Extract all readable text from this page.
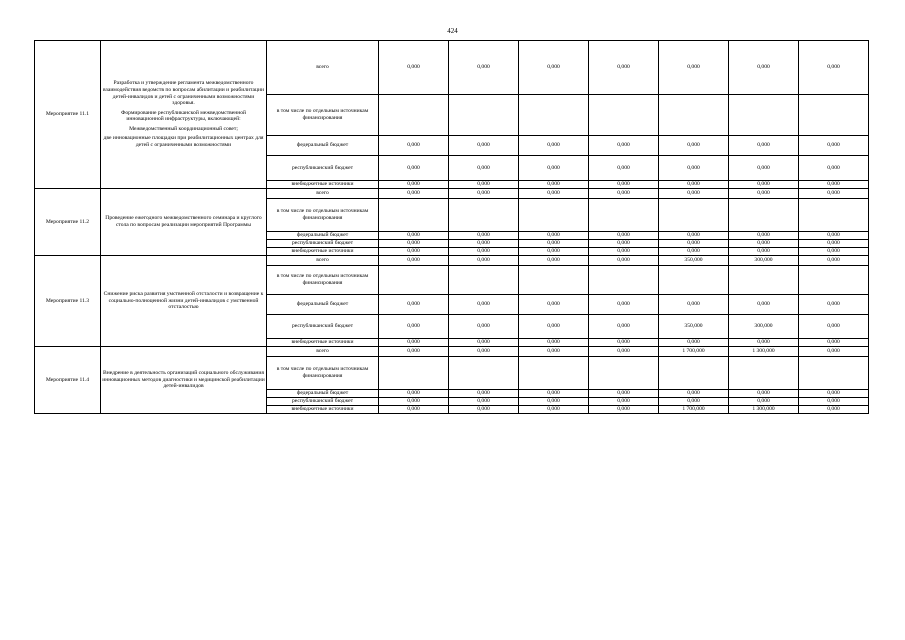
424
Мероприятие 11.1	Разработка и утверждение регламента межведомственного взаимодействия ведомств по вопросам абилитации и реабилитации детей-инвалидов и детей с ограниченными возможностями здоровья.
Формирование республиканской межведомственной инновационной инфраструктуры, включающей:
Межведомственный координационный совет;
две инновационные площадки при реабилитационных центрах для детей с ограниченными возможностями	всего	0,000	0,000	0,000	0,000	0,000	0,000	0,000
		в том числе по отдельным источникам финансирования							
		федеральный бюджет	0,000	0,000	0,000	0,000	0,000	0,000	0,000
		республиканский бюджет	0,000	0,000	0,000	0,000	0,000	0,000	0,000
		внебюджетные источники	0,000	0,000	0,000	0,000	0,000	0,000	0,000
Мероприятие 11.2	Проведение ежегодного межведомственного семинара и круглого стола по вопросам реализации мероприятий Программы	всего	0,000	0,000	0,000	0,000	0,000	0,000	0,000
		в том числе по отдельным источникам финансирования							
		федеральный бюджет	0,000	0,000	0,000	0,000	0,000	0,000	0,000
		республиканский бюджет	0,000	0,000	0,000	0,000	0,000	0,000	0,000
		внебюджетные источники	0,000	0,000	0,000	0,000	0,000	0,000	0,000
Мероприятие 11.3	Снижение риска развития умственной отсталости и возвращение к социально-полноценной жизни детей-инвалидов с умственной отсталостью	всего	0,000	0,000	0,000	0,000	350,000	300,000	0,000
		в том числе по отдельным источникам финансирования							
		федеральный бюджет	0,000	0,000	0,000	0,000	0,000	0,000	0,000
		республиканский бюджет	0,000	0,000	0,000	0,000	350,000	300,000	0,000
		внебюджетные источники	0,000	0,000	0,000	0,000	0,000	0,000	0,000
Мероприятие 11.4	Внедрение в деятельность организаций социального обслуживания инновационных методов диагностики и медицинской реабилитации детей-инвалидов	всего	0,000	0,000	0,000	0,000	1 700,000	1 300,000	0,000
		в том числе по отдельным источникам финансирования							
		федеральный бюджет	0,000	0,000	0,000	0,000	0,000	0,000	0,000
		республиканский бюджет	0,000	0,000	0,000	0,000	0,000	0,000	0,000
		внебюджетные источники	0,000	0,000	0,000	0,000	1 700,000	1 300,000	0,000
